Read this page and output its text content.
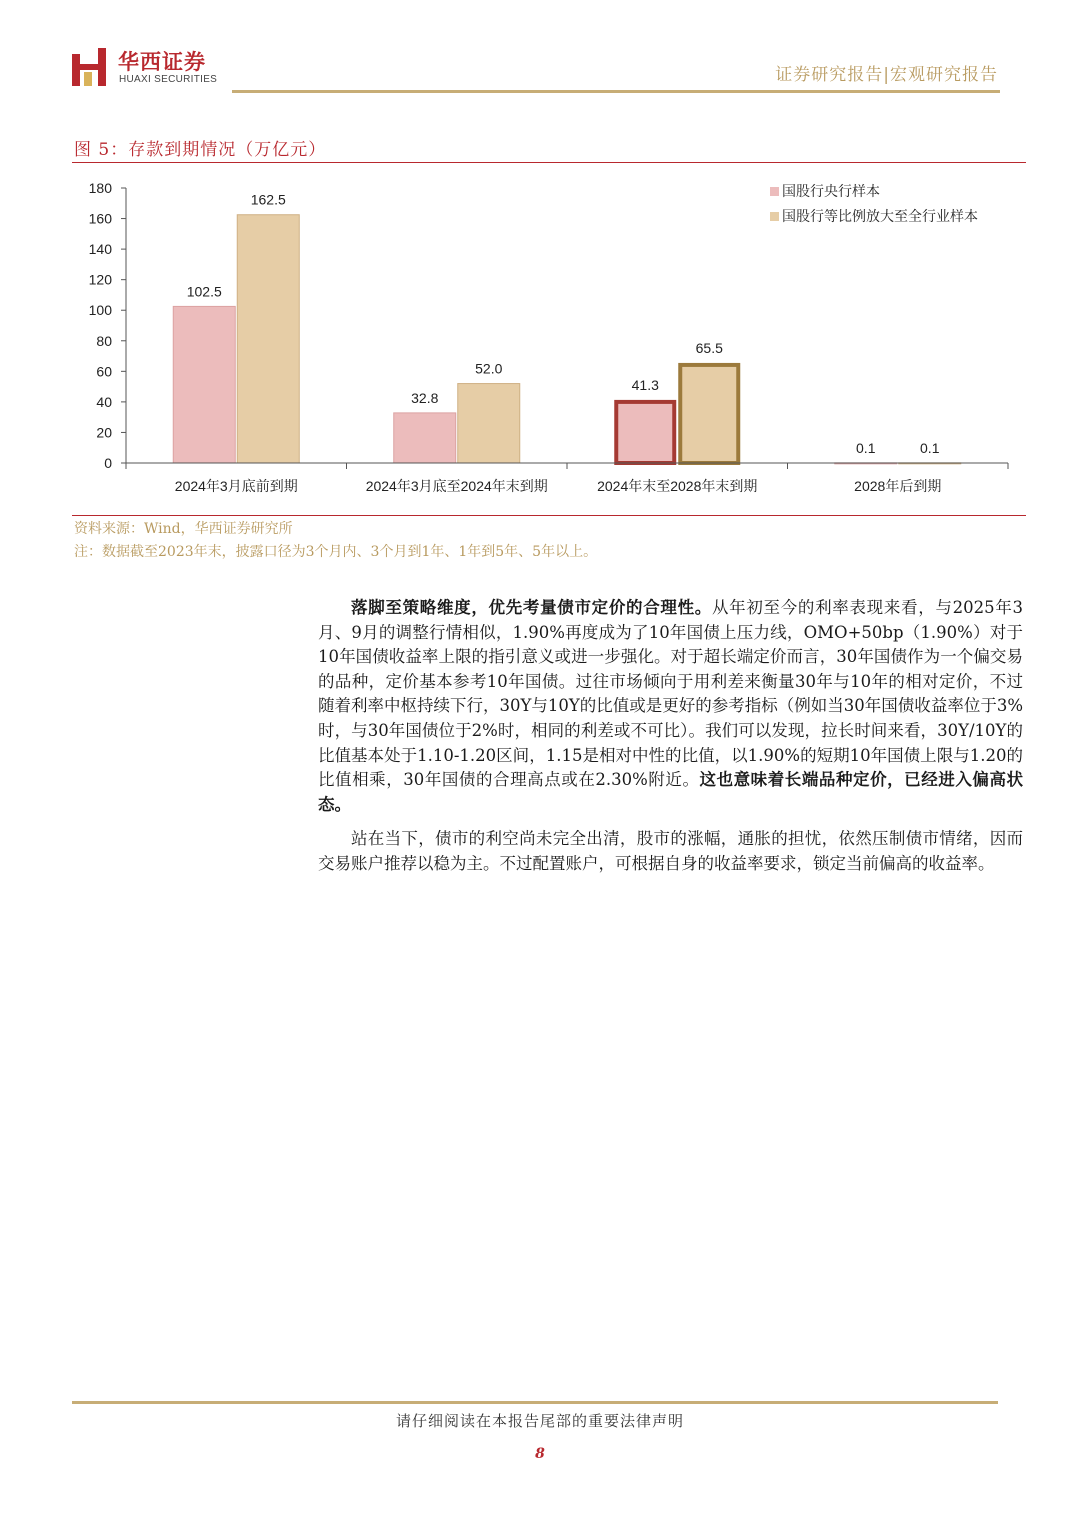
华西证券
HUAXI SECURITIES	证券研究报告|宏观研究报告
图 5：存款到期情况（万亿元）
0
20
40
60
80
100
120
140
160
180
102.5
32.8
41.3
0.1
162.5
52.0
65.5
0.1
2024年3月底前到期	2024年3月底至2024年末到期	2024年末至2028年末到期	2028年后到期
国股行央行样本
国股行等比例放大至全行业样本
资料来源：Wind，华西证券研究所
注：数据截至2023年末，披露口径为3个月内、3个月到1年、1年到5年、5年以上。

落脚至策略维度，优先考量债市定价的合理性。从年初至今的利率表现来看，与2025年3月、9月的调整行情相似，1.90%再度成为了10年国债上压力线，OMO+50bp（1.90%）对于10年国债收益率上限的指引意义或进一步强化。对于超长端定价而言，30年国债作为一个偏交易的品种，定价基本参考10年国债。过往市场倾向于用利差来衡量30年与10年的相对定价，不过随着利率中枢持续下行，30Y与10Y的比值或是更好的参考指标（例如当30年国债收益率位于3%时，与30年国债位于2%时，相同的利差或不可比）。我们可以发现，拉长时间来看，30Y/10Y的比值基本处于1.10-1.20区间，1.15是相对中性的比值，以1.90%的短期10年国债上限与1.20的比值相乘，30年国债的合理高点或在2.30%附近。这也意味着长端品种定价，已经进入偏高状态。

站在当下，债市的利空尚未完全出清，股市的涨幅，通胀的担忧，依然压制债市情绪，因而交易账户推荐以稳为主。不过配置账户，可根据自身的收益率要求，锁定当前偏高的收益率。

请仔细阅读在本报告尾部的重要法律声明
8
